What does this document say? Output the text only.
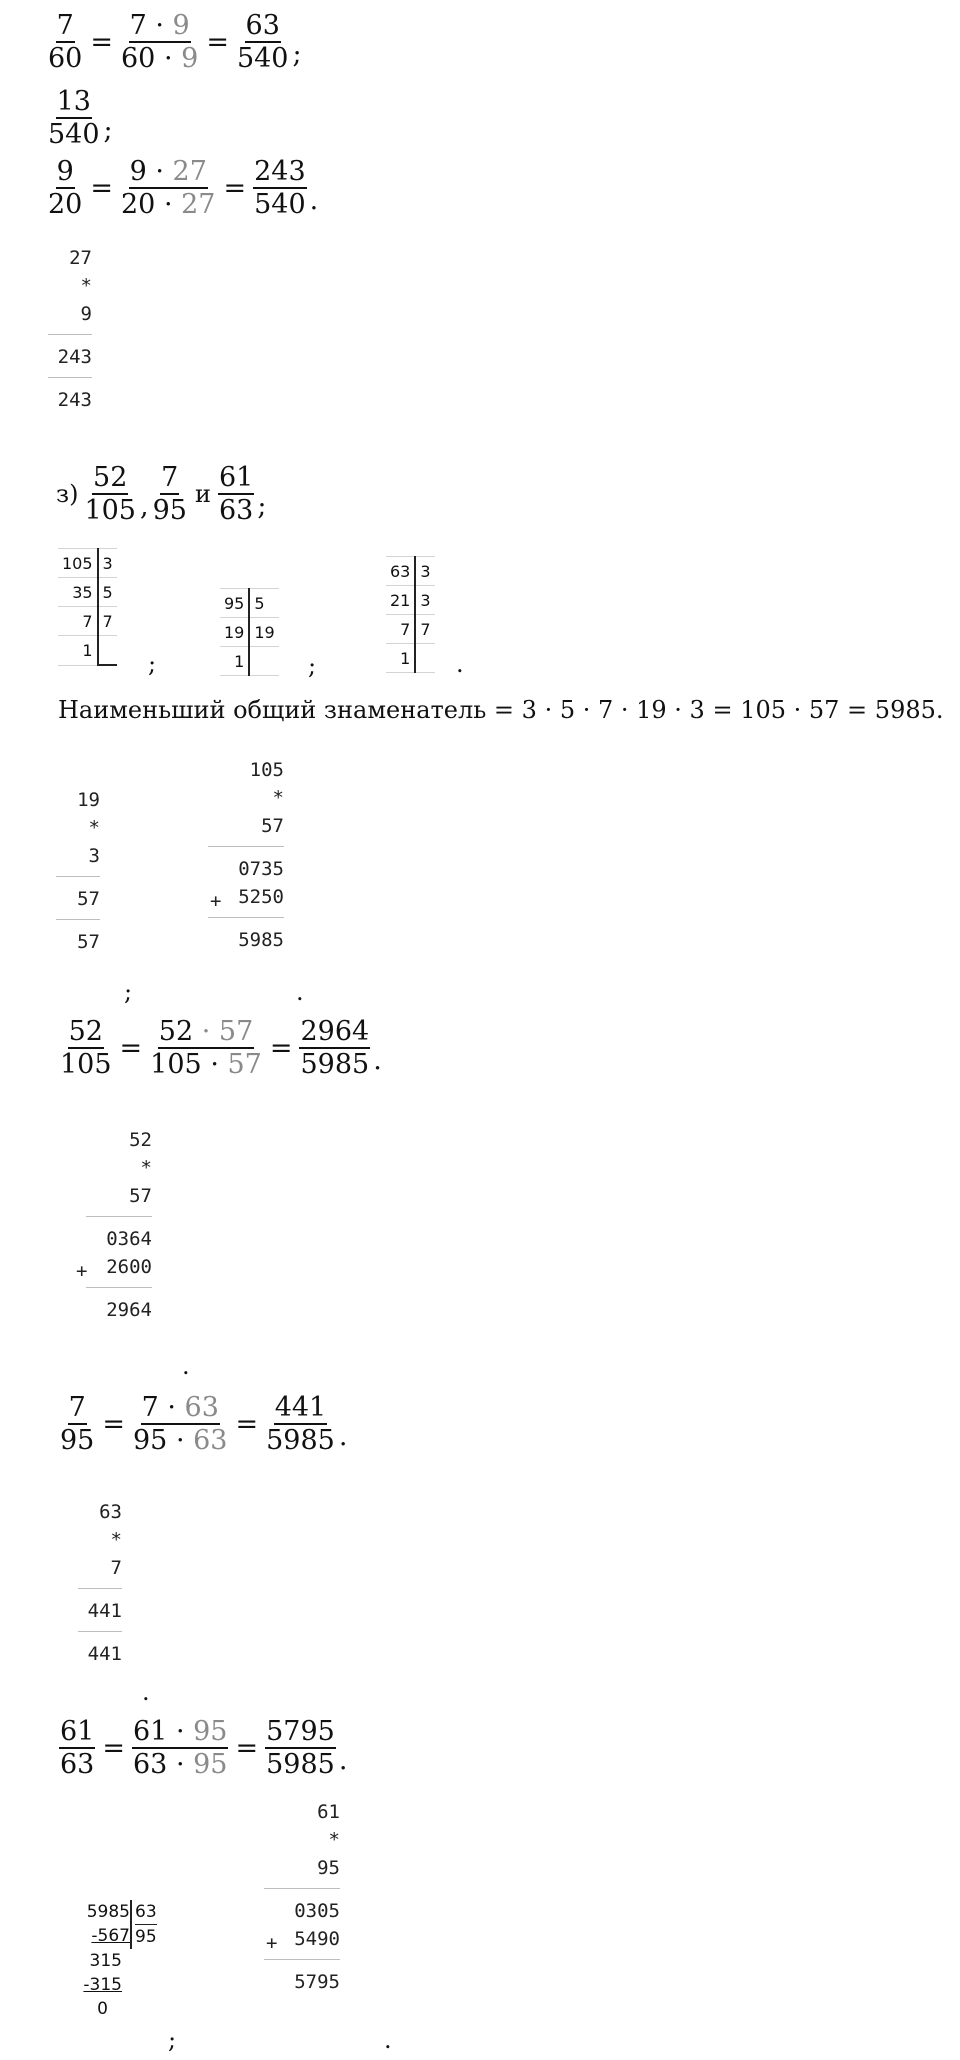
$\frac{7}{60} = \frac{7 \cdot 9}{60 \cdot 9} = \frac{63}{540}$ ;
$\frac{13}{540}$ ;
$\frac{9}{20} = \frac{9 \cdot 27}{20 \cdot 27} = \frac{243}{540}$ .
27
*
9
243
243
$з) \frac{52}{105}$ , $\frac{7}{95}$ и $\frac{61}{63}$ ;
105	3
35	5
7	7
1	;
95	5
19	19
1		;
63	3
21	3
7	7
1	.
Наименьший общий знаменатель = 3 · 5 · 7 · 19 · 3 = 105 · 57 = 5985.
19
*
3
57
57
;
105
*
57
0735
5250
5985
+
.
$\frac{52}{105} = \frac{52 \cdot 57}{105 \cdot 57} = \frac{2964}{5985}$ .
52
*
57
0364
2600
2964
+
.
$\frac{7}{95} = \frac{7 \cdot 63}{95 \cdot 63} = \frac{441}{5985}$ .
63
*
7
441
441
.
$\frac{61}{63} = \frac{61 \cdot 95}{63 \cdot 95} = \frac{5795}{5985}$ .
5985
-567
63
95
315
-315
0
;
61
*
95
0305
5490
5795
+
.
